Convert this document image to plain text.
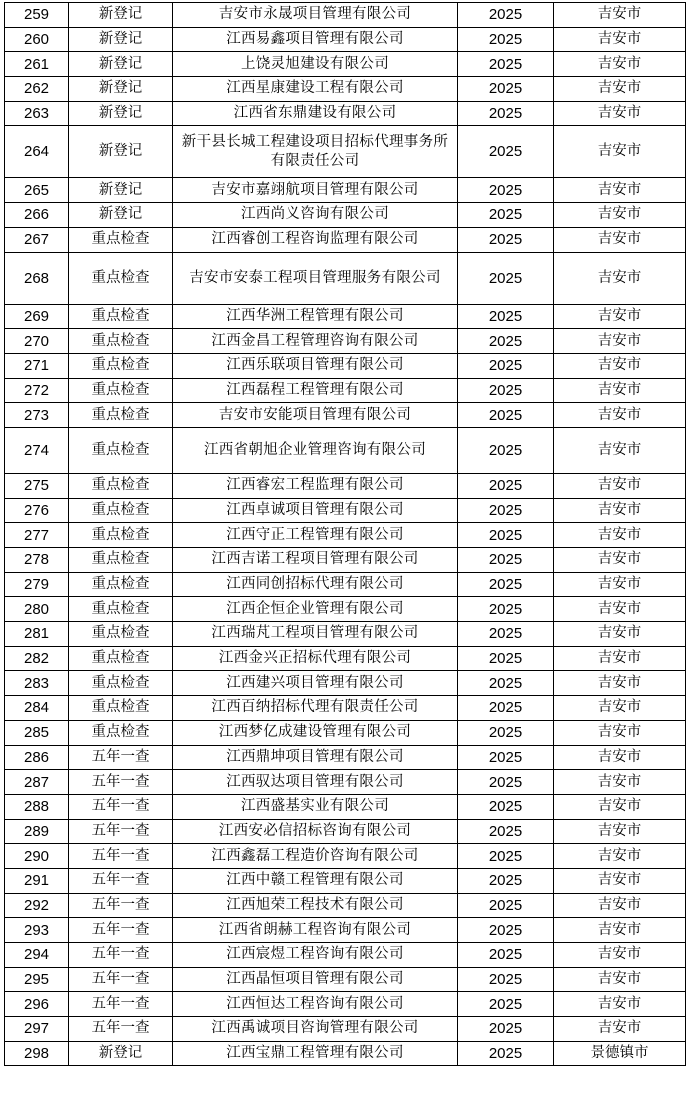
259	新登记	吉安市永晟项目管理有限公司	2025	吉安市
260	新登记	江西易鑫项目管理有限公司	2025	吉安市
261	新登记	上饶灵旭建设有限公司	2025	吉安市
262	新登记	江西星康建设工程有限公司	2025	吉安市
263	新登记	江西省东鼎建设有限公司	2025	吉安市
264	新登记	新干县长城工程建设项目招标代理事务所有限责任公司	2025	吉安市
265	新登记	吉安市嘉翊航项目管理有限公司	2025	吉安市
266	新登记	江西尚义咨询有限公司	2025	吉安市
267	重点检查	江西睿创工程咨询监理有限公司	2025	吉安市
268	重点检查	吉安市安泰工程项目管理服务有限公司	2025	吉安市
269	重点检查	江西华洲工程管理有限公司	2025	吉安市
270	重点检查	江西金昌工程管理咨询有限公司	2025	吉安市
271	重点检查	江西乐联项目管理有限公司	2025	吉安市
272	重点检查	江西磊程工程管理有限公司	2025	吉安市
273	重点检查	吉安市安能项目管理有限公司	2025	吉安市
274	重点检查	江西省朝旭企业管理咨询有限公司	2025	吉安市
275	重点检查	江西睿宏工程监理有限公司	2025	吉安市
276	重点检查	江西卓诚项目管理有限公司	2025	吉安市
277	重点检查	江西守正工程管理有限公司	2025	吉安市
278	重点检查	江西吉诺工程项目管理有限公司	2025	吉安市
279	重点检查	江西同创招标代理有限公司	2025	吉安市
280	重点检查	江西企恒企业管理有限公司	2025	吉安市
281	重点检查	江西瑞芃工程项目管理有限公司	2025	吉安市
282	重点检查	江西金兴正招标代理有限公司	2025	吉安市
283	重点检查	江西建兴项目管理有限公司	2025	吉安市
284	重点检查	江西百纳招标代理有限责任公司	2025	吉安市
285	重点检查	江西梦亿成建设管理有限公司	2025	吉安市
286	五年一查	江西鼎坤项目管理有限公司	2025	吉安市
287	五年一查	江西驭达项目管理有限公司	2025	吉安市
288	五年一查	江西盛基实业有限公司	2025	吉安市
289	五年一查	江西安必信招标咨询有限公司	2025	吉安市
290	五年一查	江西鑫磊工程造价咨询有限公司	2025	吉安市
291	五年一查	江西中赣工程管理有限公司	2025	吉安市
292	五年一查	江西旭荣工程技术有限公司	2025	吉安市
293	五年一查	江西省朗赫工程咨询有限公司	2025	吉安市
294	五年一查	江西宸煜工程咨询有限公司	2025	吉安市
295	五年一查	江西晶恒项目管理有限公司	2025	吉安市
296	五年一查	江西恒达工程咨询有限公司	2025	吉安市
297	五年一查	江西禹诚项目咨询管理有限公司	2025	吉安市
298	新登记	江西宝鼎工程管理有限公司	2025	景德镇市
